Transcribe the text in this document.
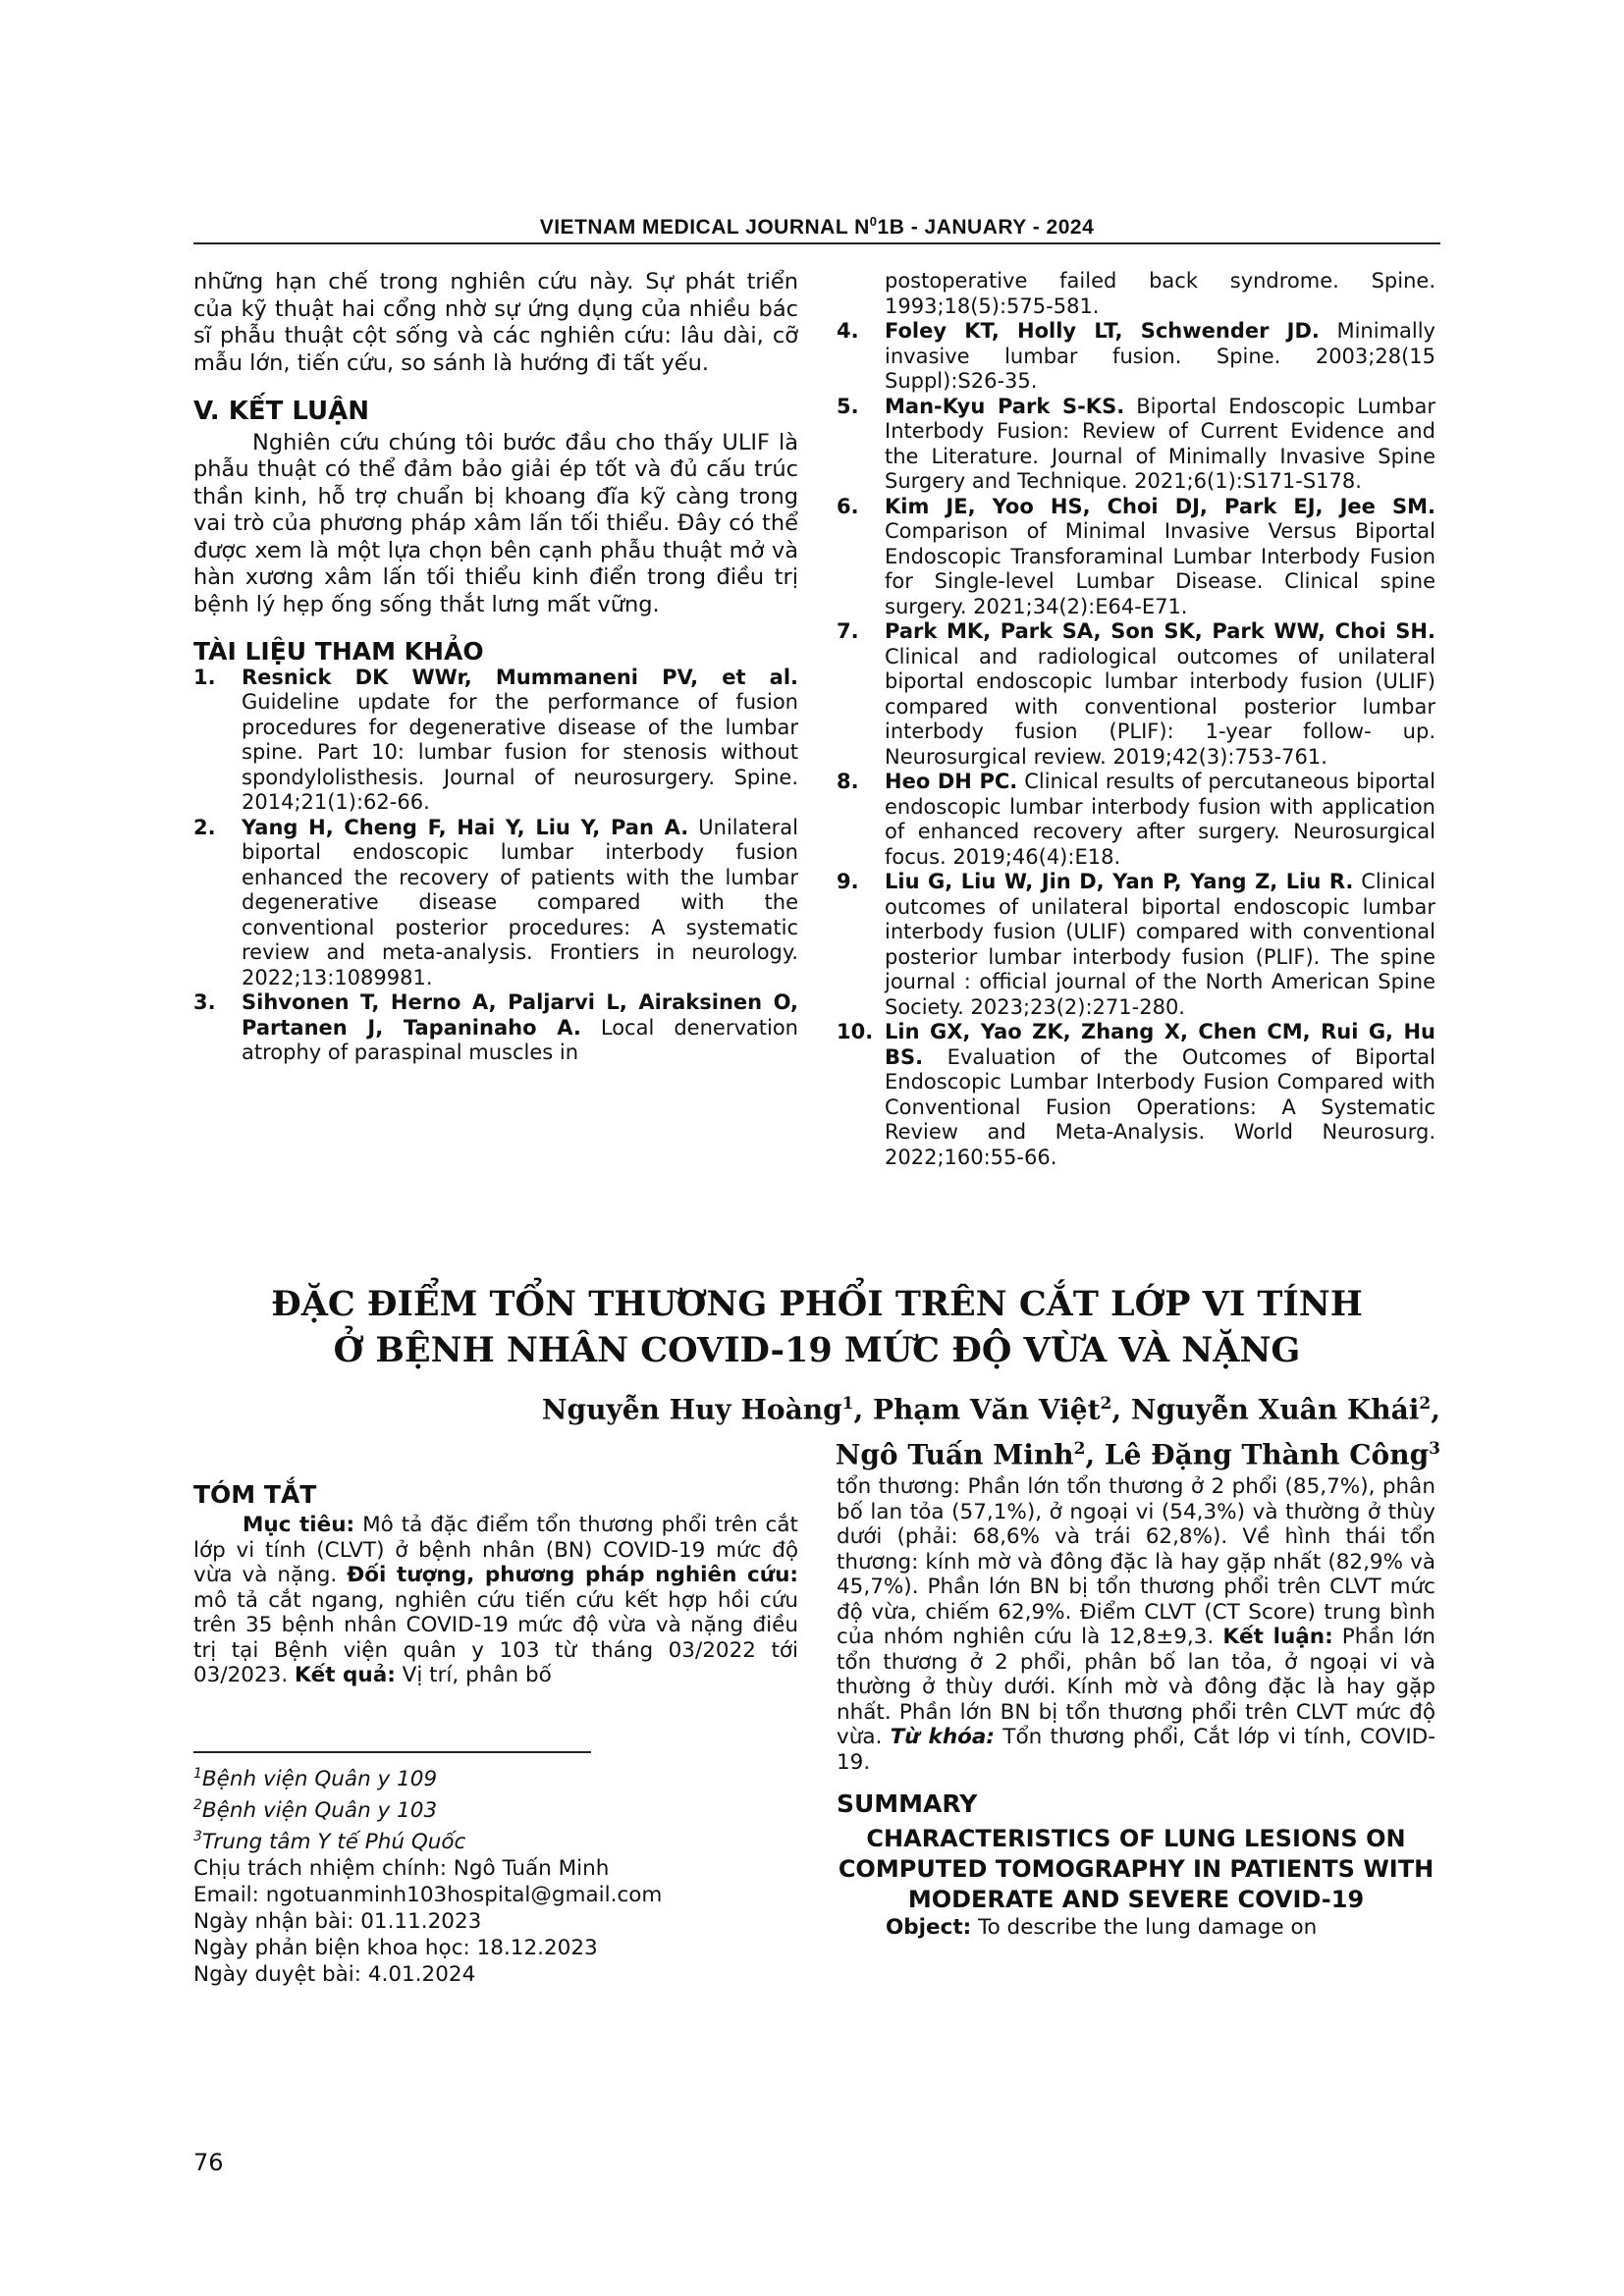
VIETNAM MEDICAL JOURNAL $N^01B$ - JANUARY - 2024

những hạn chế trong nghiên cứu này. Sự phát triển của kỹ thuật hai cổng nhờ sự ứng dụng của nhiều bác sĩ phẫu thuật cột sống và các nghiên cứu: lâu dài, cỡ mẫu lớn, tiến cứu, so sánh là hướng đi tất yếu.

V. KẾT LUẬN

Nghiên cứu chúng tôi bước đầu cho thấy ULIF là phẫu thuật có thể đảm bảo giải ép tốt và đủ cấu trúc thần kinh, hỗ trợ chuẩn bị khoang đĩa kỹ càng trong vai trò của phương pháp xâm lấn tối thiểu. Đây có thể được xem là một lựa chọn bên cạnh phẫu thuật mở và hàn xương xâm lấn tối thiểu kinh điển trong điều trị bệnh lý hẹp ống sống thắt lưng mất vững.

TÀI LIỆU THAM KHẢO

1. Resnick DK WWr, Mummaneni PV, et al. Guideline update for the performance of fusion procedures for degenerative disease of the lumbar spine. Part 10: lumbar fusion for stenosis without spondylolisthesis. Journal of neurosurgery. Spine. 2014;21(1):62-66.
2. Yang H, Cheng F, Hai Y, Liu Y, Pan A. Unilateral biportal endoscopic lumbar interbody fusion enhanced the recovery of patients with the lumbar degenerative disease compared with the conventional posterior procedures: A systematic review and meta-analysis. Frontiers in neurology. 2022;13:1089981.
3. Sihvonen T, Herno A, Paljarvi L, Airaksinen O, Partanen J, Tapaninaho A. Local denervation atrophy of paraspinal muscles in
postoperative failed back syndrome. Spine. 1993;18(5):575-581.
4. Foley KT, Holly LT, Schwender JD. Minimally invasive lumbar fusion. Spine. 2003;28(15 Suppl):S26-35.
5. Man-Kyu Park S-KS. Biportal Endoscopic Lumbar Interbody Fusion: Review of Current Evidence and the Literature. Journal of Minimally Invasive Spine Surgery and Technique. 2021;6(1):S171-S178.
6. Kim JE, Yoo HS, Choi DJ, Park EJ, Jee SM. Comparison of Minimal Invasive Versus Biportal Endoscopic Transforaminal Lumbar Interbody Fusion for Single-level Lumbar Disease. Clinical spine surgery. 2021;34(2):E64-E71.
7. Park MK, Park SA, Son SK, Park WW, Choi SH. Clinical and radiological outcomes of unilateral biportal endoscopic lumbar interbody fusion (ULIF) compared with conventional posterior lumbar interbody fusion (PLIF): 1-year follow- up. Neurosurgical review. 2019;42(3):753-761.
8. Heo DH PC. Clinical results of percutaneous biportal endoscopic lumbar interbody fusion with application of enhanced recovery after surgery. Neurosurgical focus. 2019;46(4):E18.
9. Liu G, Liu W, Jin D, Yan P, Yang Z, Liu R. Clinical outcomes of unilateral biportal endoscopic lumbar interbody fusion (ULIF) compared with conventional posterior lumbar interbody fusion (PLIF). The spine journal : official journal of the North American Spine Society. 2023;23(2):271-280.
10. Lin GX, Yao ZK, Zhang X, Chen CM, Rui G, Hu BS. Evaluation of the Outcomes of Biportal Endoscopic Lumbar Interbody Fusion Compared with Conventional Fusion Operations: A Systematic Review and Meta-Analysis. World Neurosurg. 2022;160:55-66.
ĐẶC ĐIỂM TỔN THƯƠNG PHỔI TRÊN CẮT LỚP VI TÍNH
Ở BỆNH NHÂN COVID-19 MỨC ĐỘ VỪA VÀ NẶNG
Nguyễn Huy Hoàng$^1$, Phạm Văn Việt$^2$, Nguyễn Xuân Khái$^2$,
Ngô Tuấn Minh$^2$, Lê Đặng Thành Công$^3$

TÓM TẮT

Mục tiêu: Mô tả đặc điểm tổn thương phổi trên cắt lớp vi tính (CLVT) ở bệnh nhân (BN) COVID-19 mức độ vừa và nặng. Đối tượng, phương pháp nghiên cứu: mô tả cắt ngang, nghiên cứu tiến cứu kết hợp hồi cứu trên 35 bệnh nhân COVID-19 mức độ vừa và nặng điều trị tại Bệnh viện quân y 103 từ tháng 03/2022 tới 03/2023. Kết quả: Vị trí, phân bố

$^1$Bệnh viện Quân y 109
$^2$Bệnh viện Quân y 103
$^3$Trung tâm Y tế Phú Quốc
Chịu trách nhiệm chính: Ngô Tuấn Minh
Email: ngotuanminh103hospital@gmail.com
Ngày nhận bài: 01.11.2023
Ngày phản biện khoa học: 18.12.2023
Ngày duyệt bài: 4.01.2024

tổn thương: Phần lớn tổn thương ở 2 phổi (85,7%), phân bố lan tỏa (57,1%), ở ngoại vi (54,3%) và thường ở thùy dưới (phải: 68,6% và trái 62,8%). Về hình thái tổn thương: kính mờ và đông đặc là hay gặp nhất (82,9% và 45,7%). Phần lớn BN bị tổn thương phổi trên CLVT mức độ vừa, chiếm 62,9%. Điểm CLVT (CT Score) trung bình của nhóm nghiên cứu là 12,8±9,3. Kết luận: Phần lớn tổn thương ở 2 phổi, phân bố lan tỏa, ở ngoại vi và thường ở thùy dưới. Kính mờ và đông đặc là hay gặp nhất. Phần lớn BN bị tổn thương phổi trên CLVT mức độ vừa. Từ khóa: Tổn thương phổi, Cắt lớp vi tính, COVID-19.

SUMMARY

CHARACTERISTICS OF LUNG LESIONS ON COMPUTED TOMOGRAPHY IN PATIENTS WITH MODERATE AND SEVERE COVID-19

Object: To describe the lung damage on

76
